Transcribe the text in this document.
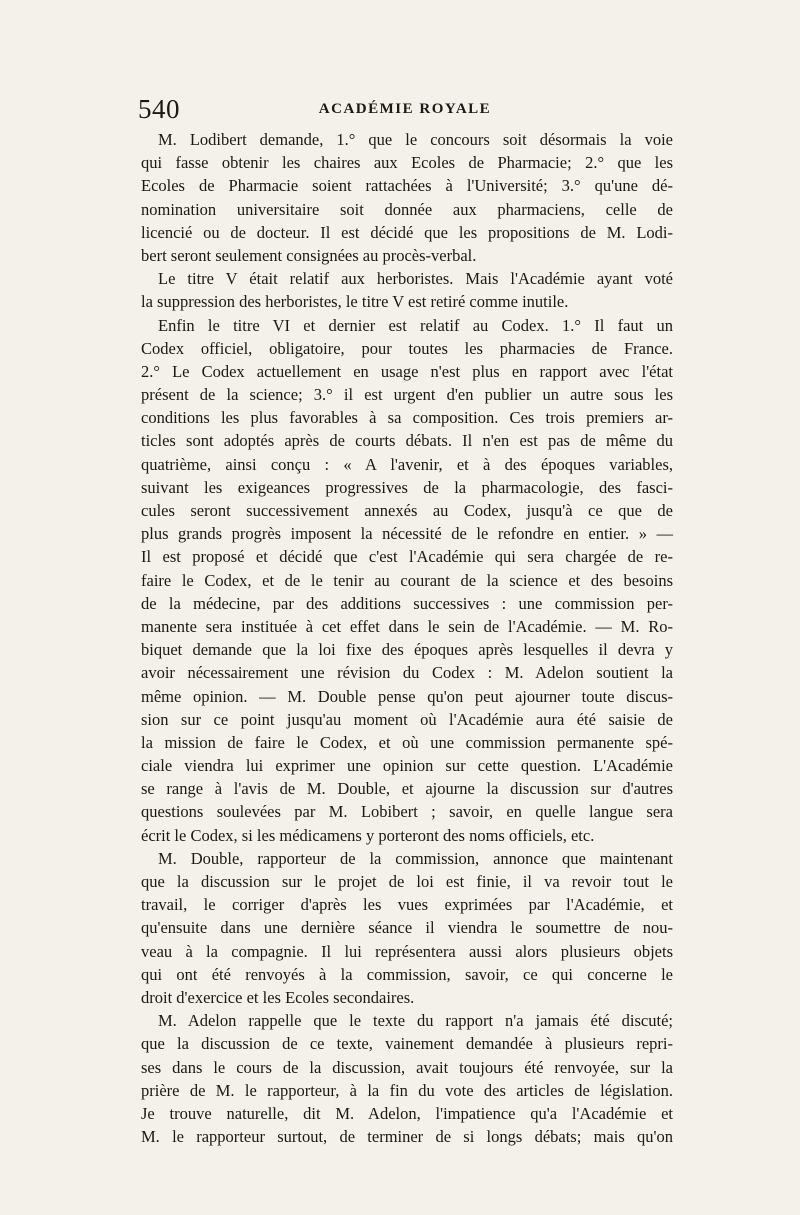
540	ACADÉMIE ROYALE
M. Lodibert demande, 1.° que le concours soit désormais la voie
qui fasse obtenir les chaires aux Ecoles de Pharmacie; 2.° que les
Ecoles de Pharmacie soient rattachées à l'Université; 3.° qu'une dé-
nomination universitaire soit donnée aux pharmaciens, celle de
licencié ou de docteur. Il est décidé que les propositions de M. Lodi-
bert seront seulement consignées au procès-verbal.
Le titre V était relatif aux herboristes. Mais l'Académie ayant voté
la suppression des herboristes, le titre V est retiré comme inutile.
Enfin le titre VI et dernier est relatif au Codex. 1.° Il faut un
Codex officiel, obligatoire, pour toutes les pharmacies de France.
2.° Le Codex actuellement en usage n'est plus en rapport avec l'état
présent de la science; 3.° il est urgent d'en publier un autre sous les
conditions les plus favorables à sa composition. Ces trois premiers ar-
ticles sont adoptés après de courts débats. Il n'en est pas de même du
quatrième, ainsi conçu : « A l'avenir, et à des époques variables,
suivant les exigeances progressives de la pharmacologie, des fasci-
cules seront successivement annexés au Codex, jusqu'à ce que de
plus grands progrès imposent la nécessité de le refondre en entier. » —
Il est proposé et décidé que c'est l'Académie qui sera chargée de re-
faire le Codex, et de le tenir au courant de la science et des besoins
de la médecine, par des additions successives : une commission per-
manente sera instituée à cet effet dans le sein de l'Académie. — M. Ro-
biquet demande que la loi fixe des époques après lesquelles il devra y
avoir nécessairement une révision du Codex : M. Adelon soutient la
même opinion. — M. Double pense qu'on peut ajourner toute discus-
sion sur ce point jusqu'au moment où l'Académie aura été saisie de
la mission de faire le Codex, et où une commission permanente spé-
ciale viendra lui exprimer une opinion sur cette question. L'Académie
se range à l'avis de M. Double, et ajourne la discussion sur d'autres
questions soulevées par M. Lobibert ; savoir, en quelle langue sera
écrit le Codex, si les médicamens y porteront des noms officiels, etc.
M. Double, rapporteur de la commission, annonce que maintenant
que la discussion sur le projet de loi est finie, il va revoir tout le
travail, le corriger d'après les vues exprimées par l'Académie, et
qu'ensuite dans une dernière séance il viendra le soumettre de nou-
veau à la compagnie. Il lui représentera aussi alors plusieurs objets
qui ont été renvoyés à la commission, savoir, ce qui concerne le
droit d'exercice et les Ecoles secondaires.
M. Adelon rappelle que le texte du rapport n'a jamais été discuté;
que la discussion de ce texte, vainement demandée à plusieurs repri-
ses dans le cours de la discussion, avait toujours été renvoyée, sur la
prière de M. le rapporteur, à la fin du vote des articles de législation.
Je trouve naturelle, dit M. Adelon, l'impatience qu'a l'Académie et
M. le rapporteur surtout, de terminer de si longs débats; mais qu'on
